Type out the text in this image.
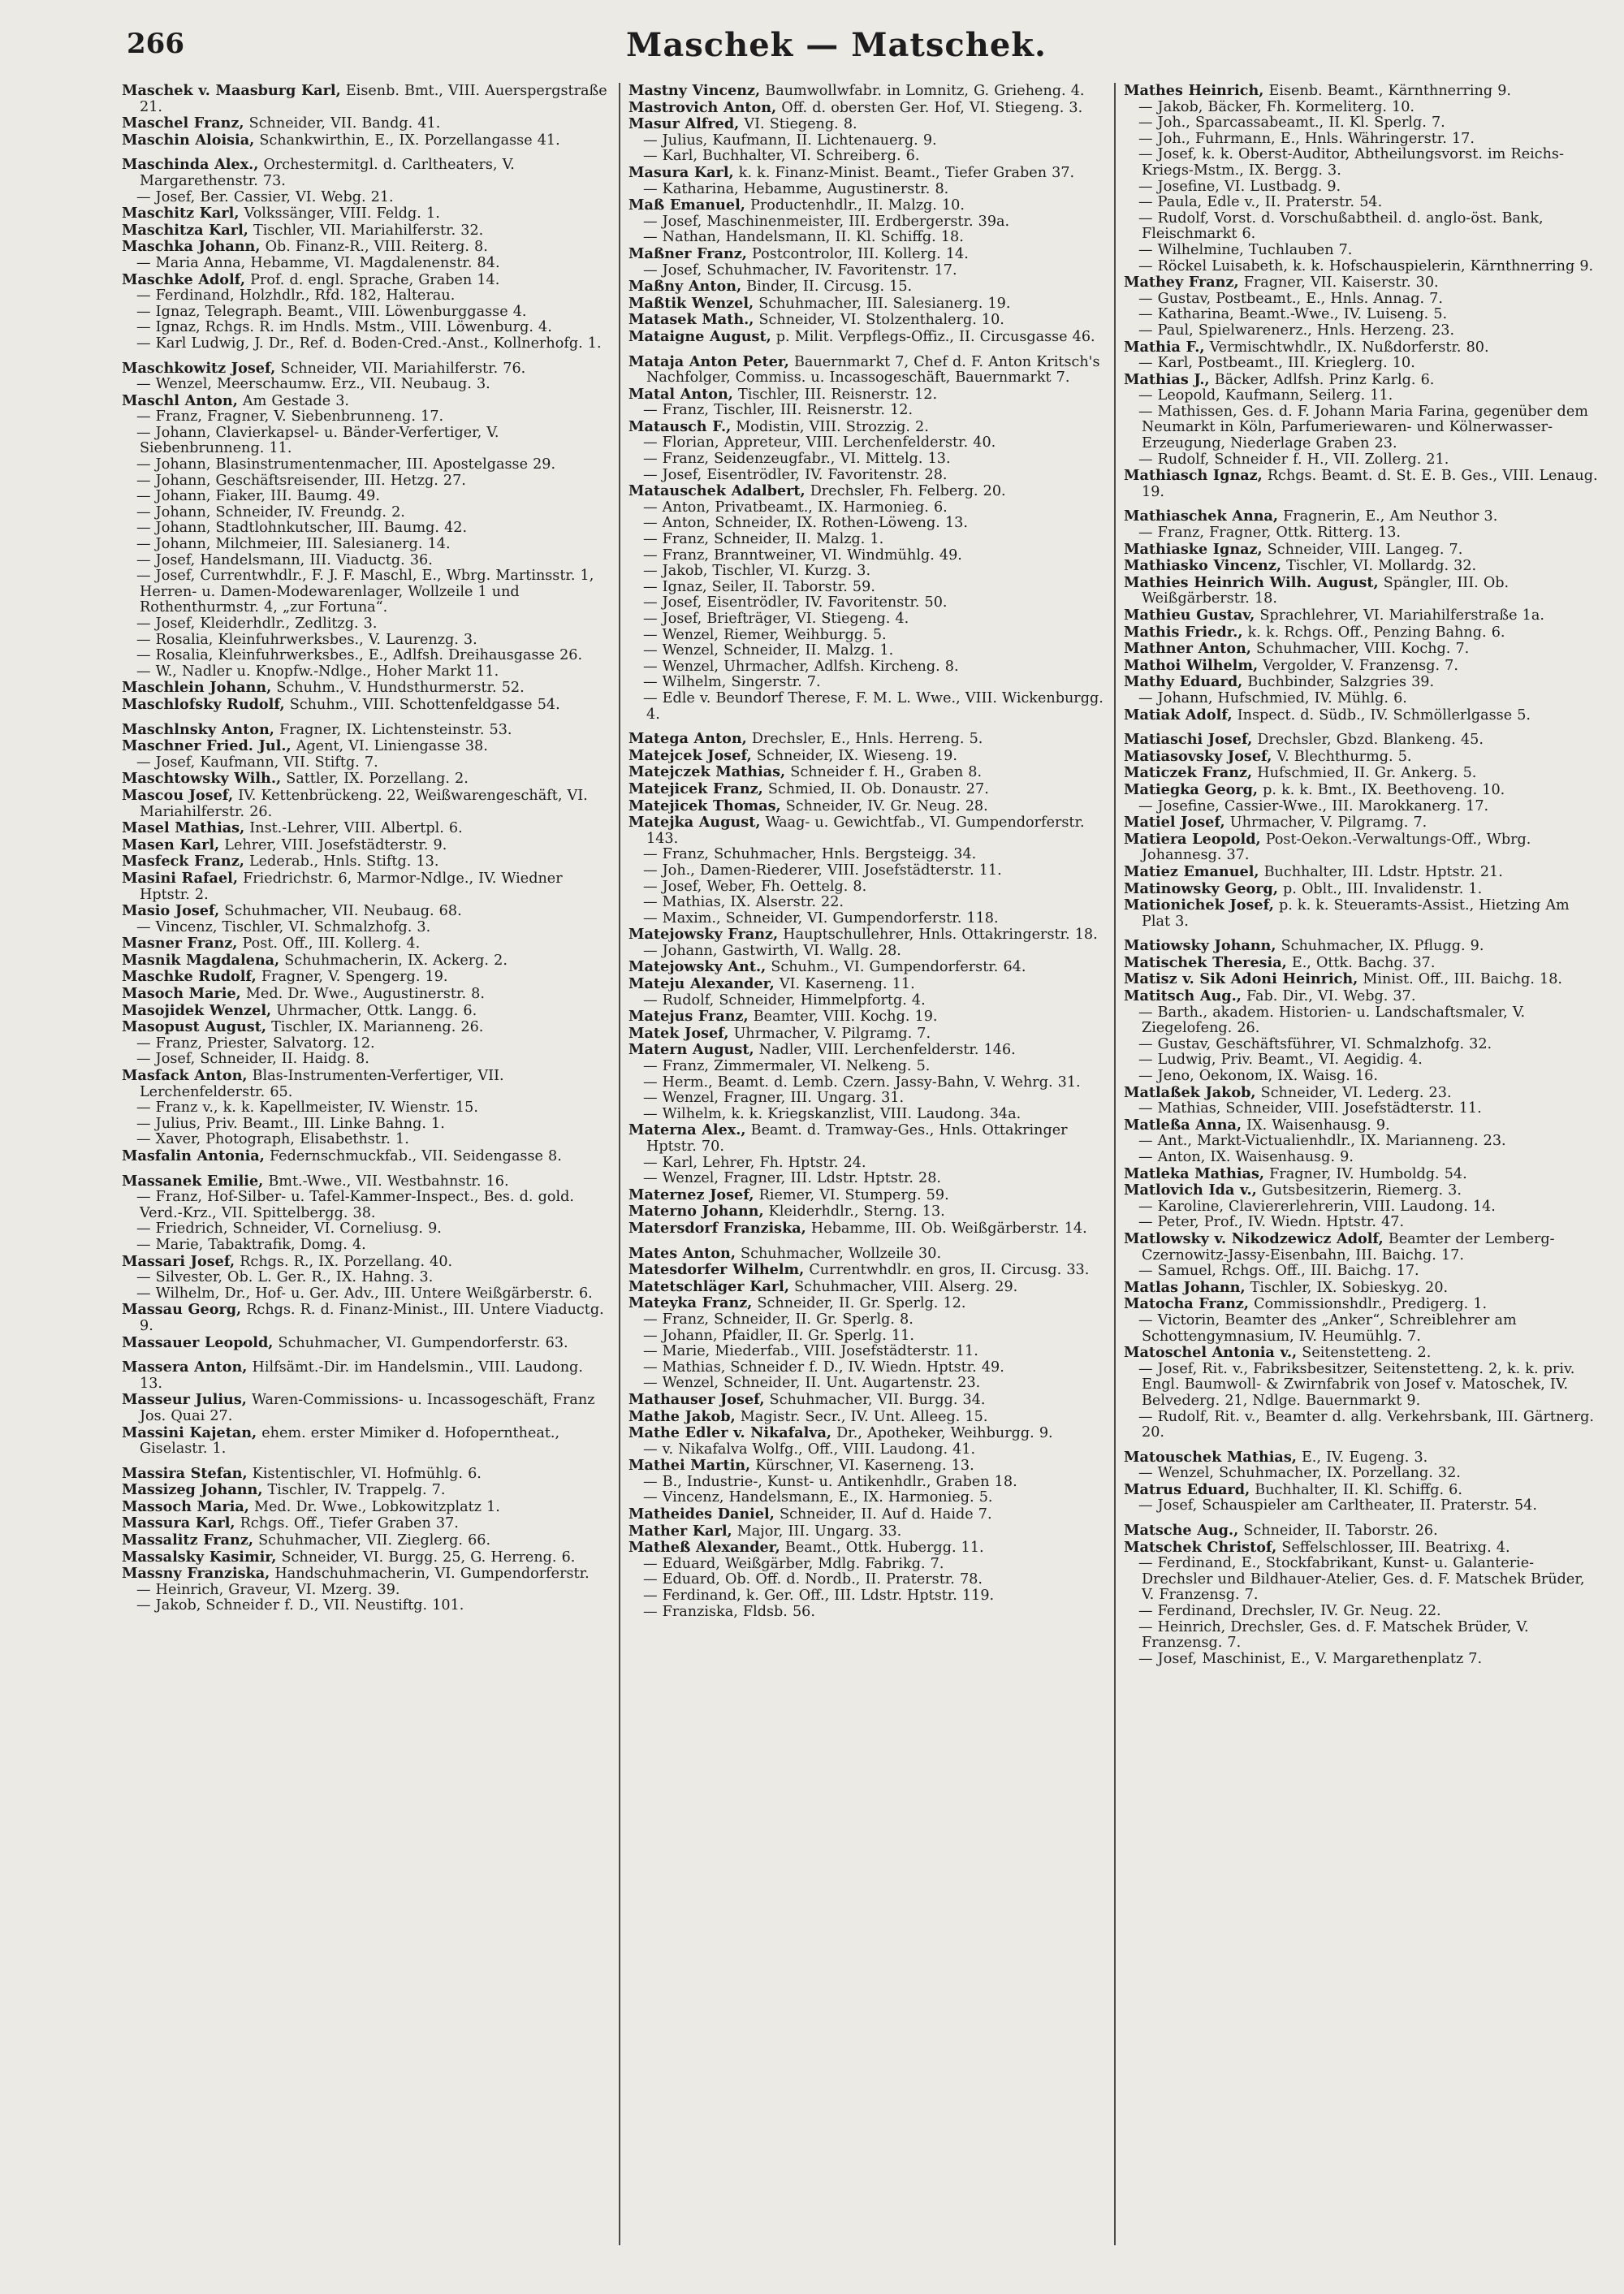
266	Maschek — Matschek.
Maschek v. Maasburg Karl, Eisenb. Bmt., VIII. Auerspergstraße 21.
Maschel Franz, Schneider, VII. Bandg. 41.
Maschin Aloisia, Schankwirthin, E., IX. Porzellangasse 41.
Maschinda Alex., Orchestermitgl. d. Carltheaters, V. Margarethenstr. 73.
— Josef, Ber. Cassier, VI. Webg. 21.
Maschitz Karl, Volkssänger, VIII. Feldg. 1.
Maschitza Karl, Tischler, VII. Mariahilferstr. 32.
Maschka Johann, Ob. Finanz-R., VIII. Reiterg. 8.
— Maria Anna, Hebamme, VI. Magdalenenstr. 84.
Maschke Adolf, Prof. d. engl. Sprache, Graben 14.
— Ferdinand, Holzhdlr., Rfd. 182, Halterau.
— Ignaz, Telegraph. Beamt., VIII. Löwenburggasse 4.
— Ignaz, Rchgs. R. im Hndls. Mstm., VIII. Löwenburg. 4.
— Karl Ludwig, J. Dr., Ref. d. Boden-Cred.-Anst., Kollnerhofg. 1.
Maschkowitz Josef, Schneider, VII. Mariahilferstr. 76.
— Wenzel, Meerschaumw. Erz., VII. Neubaug. 3.
Maschl Anton, Am Gestade 3.
— Franz, Fragner, V. Siebenbrunneng. 17.
— Johann, Clavierkapsel- u. Bänder-Verfertiger, V. Siebenbrunneng. 11.
— Johann, Blasinstrumentenmacher, III. Apostelgasse 29.
— Johann, Geschäftsreisender, III. Hetzg. 27.
— Johann, Fiaker, III. Baumg. 49.
— Johann, Schneider, IV. Freundg. 2.
— Johann, Stadtlohnkutscher, III. Baumg. 42.
— Johann, Milchmeier, III. Salesianerg. 14.
— Josef, Handelsmann, III. Viaductg. 36.
— Josef, Currentwhdlr., F. J. F. Maschl, E., Wbrg. Martinsstr. 1, Herren- u. Damen-Modewarenlager, Wollzeile 1 und Rothenthurmstr. 4, „zur Fortuna“.
— Josef, Kleiderhdlr., Zedlitzg. 3.
— Rosalia, Kleinfuhrwerksbes., V. Laurenzg. 3.
— Rosalia, Kleinfuhrwerksbes., E., Adlfsh. Dreihausgasse 26.
— W., Nadler u. Knopfw.-Ndlge., Hoher Markt 11.
Maschlein Johann, Schuhm., V. Hundsthurmerstr. 52.
Maschlofsky Rudolf, Schuhm., VIII. Schottenfeldgasse 54.
Maschlnsky Anton, Fragner, IX. Lichtensteinstr. 53.
Maschner Fried. Jul., Agent, VI. Liniengasse 38.
— Josef, Kaufmann, VII. Stiftg. 7.
Maschtowsky Wilh., Sattler, IX. Porzellang. 2.
Mascou Josef, IV. Kettenbrückeng. 22, Weißwarengeschäft, VI. Mariahilferstr. 26.
Masel Mathias, Inst.-Lehrer, VIII. Albertpl. 6.
Masen Karl, Lehrer, VIII. Josefstädterstr. 9.
Masfeck Franz, Lederab., Hnls. Stiftg. 13.
Masini Rafael, Friedrichstr. 6, Marmor-Ndlge., IV. Wiedner Hptstr. 2.
Masio Josef, Schuhmacher, VII. Neubaug. 68.
— Vincenz, Tischler, VI. Schmalzhofg. 3.
Masner Franz, Post. Off., III. Kollerg. 4.
Masnik Magdalena, Schuhmacherin, IX. Ackerg. 2.
Maschke Rudolf, Fragner, V. Spengerg. 19.
Masoch Marie, Med. Dr. Wwe., Augustinerstr. 8.
Masojidek Wenzel, Uhrmacher, Ottk. Langg. 6.
Masopust August, Tischler, IX. Marianneng. 26.
— Franz, Priester, Salvatorg. 12.
— Josef, Schneider, II. Haidg. 8.
Masfack Anton, Blas-Instrumenten-Verfertiger, VII. Lerchenfelderstr. 65.
— Franz v., k. k. Kapellmeister, IV. Wienstr. 15.
— Julius, Priv. Beamt., III. Linke Bahng. 1.
— Xaver, Photograph, Elisabethstr. 1.
Masfalin Antonia, Federnschmuckfab., VII. Seidengasse 8.
Massanek Emilie, Bmt.-Wwe., VII. Westbahnstr. 16.
— Franz, Hof-Silber- u. Tafel-Kammer-Inspect., Bes. d. gold. Verd.-Krz., VII. Spittelbergg. 38.
— Friedrich, Schneider, VI. Corneliusg. 9.
— Marie, Tabaktrafik, Domg. 4.
Massari Josef, Rchgs. R., IX. Porzellang. 40.
— Silvester, Ob. L. Ger. R., IX. Hahng. 3.
— Wilhelm, Dr., Hof- u. Ger. Adv., III. Untere Weißgärberstr. 6.
Massau Georg, Rchgs. R. d. Finanz-Minist., III. Untere Viaductg. 9.
Massauer Leopold, Schuhmacher, VI. Gumpendorferstr. 63.
Massera Anton, Hilfsämt.-Dir. im Handelsmin., VIII. Laudong. 13.
Masseur Julius, Waren-Commissions- u. Incassogeschäft, Franz Jos. Quai 27.
Massini Kajetan, ehem. erster Mimiker d. Hofoperntheat., Giselastr. 1.
Massira Stefan, Kistentischler, VI. Hofmühlg. 6.
Massizeg Johann, Tischler, IV. Trappelg. 7.
Massoch Maria, Med. Dr. Wwe., Lobkowitzplatz 1.
Massura Karl, Rchgs. Off., Tiefer Graben 37.
Massalitz Franz, Schuhmacher, VII. Zieglerg. 66.
Massalsky Kasimir, Schneider, VI. Burgg. 25, G. Herreng. 6.
Massny Franziska, Handschuhmacherin, VI. Gumpendorferstr.
— Heinrich, Graveur, VI. Mzerg. 39.
— Jakob, Schneider f. D., VII. Neustiftg. 101.
Mastny Vincenz, Baumwollwfabr. in Lomnitz, G. Grieheng. 4.
Mastrovich Anton, Off. d. obersten Ger. Hof, VI. Stiegeng. 3.
Masur Alfred, VI. Stiegeng. 8.
— Julius, Kaufmann, II. Lichtenauerg. 9.
— Karl, Buchhalter, VI. Schreiberg. 6.
Masura Karl, k. k. Finanz-Minist. Beamt., Tiefer Graben 37.
— Katharina, Hebamme, Augustinerstr. 8.
Maß Emanuel, Productenhdlr., II. Malzg. 10.
— Josef, Maschinenmeister, III. Erdbergerstr. 39a.
— Nathan, Handelsmann, II. Kl. Schiffg. 18.
Maßner Franz, Postcontrolor, III. Kollerg. 14.
— Josef, Schuhmacher, IV. Favoritenstr. 17.
Maßny Anton, Binder, II. Circusg. 15.
Maßtik Wenzel, Schuhmacher, III. Salesianerg. 19.
Matasek Math., Schneider, VI. Stolzenthalerg. 10.
Mataigne August, p. Milit. Verpflegs-Offiz., II. Circusgasse 46.
Mataja Anton Peter, Bauernmarkt 7, Chef d. F. Anton Kritsch's Nachfolger, Commiss. u. Incassogeschäft, Bauernmarkt 7.
Matal Anton, Tischler, III. Reisnerstr. 12.
— Franz, Tischler, III. Reisnerstr. 12.
Matausch F., Modistin, VIII. Strozzig. 2.
— Florian, Appreteur, VIII. Lerchenfelderstr. 40.
— Franz, Seidenzeugfabr., VI. Mittelg. 13.
— Josef, Eisentrödler, IV. Favoritenstr. 28.
Matauschek Adalbert, Drechsler, Fh. Felberg. 20.
— Anton, Privatbeamt., IX. Harmonieg. 6.
— Anton, Schneider, IX. Rothen-Löweng. 13.
— Franz, Schneider, II. Malzg. 1.
— Franz, Branntweiner, VI. Windmühlg. 49.
— Jakob, Tischler, VI. Kurzg. 3.
— Ignaz, Seiler, II. Taborstr. 59.
— Josef, Eisentrödler, IV. Favoritenstr. 50.
— Josef, Briefträger, VI. Stiegeng. 4.
— Wenzel, Riemer, Weihburgg. 5.
— Wenzel, Schneider, II. Malzg. 1.
— Wenzel, Uhrmacher, Adlfsh. Kircheng. 8.
— Wilhelm, Singerstr. 7.
— Edle v. Beundorf Therese, F. M. L. Wwe., VIII. Wickenburgg. 4.
Matega Anton, Drechsler, E., Hnls. Herreng. 5.
Matejcek Josef, Schneider, IX. Wieseng. 19.
Matejczek Mathias, Schneider f. H., Graben 8.
Matejicek Franz, Schmied, II. Ob. Donaustr. 27.
Matejicek Thomas, Schneider, IV. Gr. Neug. 28.
Matejka August, Waag- u. Gewichtfab., VI. Gumpendorferstr. 143.
— Franz, Schuhmacher, Hnls. Bergsteigg. 34.
— Joh., Damen-Riederer, VIII. Josefstädterstr. 11.
— Josef, Weber, Fh. Oettelg. 8.
— Mathias, IX. Alserstr. 22.
— Maxim., Schneider, VI. Gumpendorferstr. 118.
Matejowsky Franz, Hauptschullehrer, Hnls. Ottakringerstr. 18.
— Johann, Gastwirth, VI. Wallg. 28.
Matejowsky Ant., Schuhm., VI. Gumpendorferstr. 64.
Mateju Alexander, VI. Kaserneng. 11.
— Rudolf, Schneider, Himmelpfortg. 4.
Matejus Franz, Beamter, VIII. Kochg. 19.
Matek Josef, Uhrmacher, V. Pilgramg. 7.
Matern August, Nadler, VIII. Lerchenfelderstr. 146.
— Franz, Zimmermaler, VI. Nelkeng. 5.
— Herm., Beamt. d. Lemb. Czern. Jassy-Bahn, V. Wehrg. 31.
— Wenzel, Fragner, III. Ungarg. 31.
— Wilhelm, k. k. Kriegskanzlist, VIII. Laudong. 34a.
Materna Alex., Beamt. d. Tramway-Ges., Hnls. Ottakringer Hptstr. 70.
— Karl, Lehrer, Fh. Hptstr. 24.
— Wenzel, Fragner, III. Ldstr. Hptstr. 28.
Maternez Josef, Riemer, VI. Stumperg. 59.
Materno Johann, Kleiderhdlr., Sterng. 13.
Matersdorf Franziska, Hebamme, III. Ob. Weißgärberstr. 14.
Mates Anton, Schuhmacher, Wollzeile 30.
Matesdorfer Wilhelm, Currentwhdlr. en gros, II. Circusg. 33.
Matetschläger Karl, Schuhmacher, VIII. Alserg. 29.
Mateyka Franz, Schneider, II. Gr. Sperlg. 12.
— Franz, Schneider, II. Gr. Sperlg. 8.
— Johann, Pfaidler, II. Gr. Sperlg. 11.
— Marie, Miederfab., VIII. Josefstädterstr. 11.
— Mathias, Schneider f. D., IV. Wiedn. Hptstr. 49.
— Wenzel, Schneider, II. Unt. Augartenstr. 23.
Mathauser Josef, Schuhmacher, VII. Burgg. 34.
Mathe Jakob, Magistr. Secr., IV. Unt. Alleeg. 15.
Mathe Edler v. Nikafalva, Dr., Apotheker, Weihburgg. 9.
— v. Nikafalva Wolfg., Off., VIII. Laudong. 41.
Mathei Martin, Kürschner, VI. Kaserneng. 13.
— B., Industrie-, Kunst- u. Antikenhdlr., Graben 18.
— Vincenz, Handelsmann, E., IX. Harmonieg. 5.
Matheides Daniel, Schneider, II. Auf d. Haide 7.
Mather Karl, Major, III. Ungarg. 33.
Matheß Alexander, Beamt., Ottk. Hubergg. 11.
— Eduard, Weißgärber, Mdlg. Fabrikg. 7.
— Eduard, Ob. Off. d. Nordb., II. Praterstr. 78.
— Ferdinand, k. Ger. Off., III. Ldstr. Hptstr. 119.
— Franziska, Fldsb. 56.
Mathes Heinrich, Eisenb. Beamt., Kärnthnerring 9.
— Jakob, Bäcker, Fh. Kormeliterg. 10.
— Joh., Sparcassabeamt., II. Kl. Sperlg. 7.
— Joh., Fuhrmann, E., Hnls. Währingerstr. 17.
— Josef, k. k. Oberst-Auditor, Abtheilungsvorst. im Reichs-Kriegs-Mstm., IX. Bergg. 3.
— Josefine, VI. Lustbadg. 9.
— Paula, Edle v., II. Praterstr. 54.
— Rudolf, Vorst. d. Vorschußabtheil. d. anglo-öst. Bank, Fleischmarkt 6.
— Wilhelmine, Tuchlauben 7.
— Röckel Luisabeth, k. k. Hofschauspielerin, Kärnthnerring 9.
Mathey Franz, Fragner, VII. Kaiserstr. 30.
— Gustav, Postbeamt., E., Hnls. Annag. 7.
— Katharina, Beamt.-Wwe., IV. Luiseng. 5.
— Paul, Spielwarenerz., Hnls. Herzeng. 23.
Mathia F., Vermischtwhdlr., IX. Nußdorferstr. 80.
— Karl, Postbeamt., III. Krieglerg. 10.
Mathias J., Bäcker, Adlfsh. Prinz Karlg. 6.
— Leopold, Kaufmann, Seilerg. 11.
— Mathissen, Ges. d. F. Johann Maria Farina, gegenüber dem Neumarkt in Köln, Parfumeriewaren- und Kölnerwasser-Erzeugung, Niederlage Graben 23.
— Rudolf, Schneider f. H., VII. Zollerg. 21.
Mathiasch Ignaz, Rchgs. Beamt. d. St. E. B. Ges., VIII. Lenaug. 19.
Mathiaschek Anna, Fragnerin, E., Am Neuthor 3.
— Franz, Fragner, Ottk. Ritterg. 13.
Mathiaske Ignaz, Schneider, VIII. Langeg. 7.
Mathiasko Vincenz, Tischler, VI. Mollardg. 32.
Mathies Heinrich Wilh. August, Spängler, III. Ob. Weißgärberstr. 18.
Mathieu Gustav, Sprachlehrer, VI. Mariahilferstraße 1a.
Mathis Friedr., k. k. Rchgs. Off., Penzing Bahng. 6.
Mathner Anton, Schuhmacher, VIII. Kochg. 7.
Mathoi Wilhelm, Vergolder, V. Franzensg. 7.
Mathy Eduard, Buchbinder, Salzgries 39.
— Johann, Hufschmied, IV. Mühlg. 6.
Matiak Adolf, Inspect. d. Südb., IV. Schmöllerlgasse 5.
Matiaschi Josef, Drechsler, Gbzd. Blankeng. 45.
Matiasovsky Josef, V. Blechthurmg. 5.
Maticzek Franz, Hufschmied, II. Gr. Ankerg. 5.
Matiegka Georg, p. k. k. Bmt., IX. Beethoveng. 10.
— Josefine, Cassier-Wwe., III. Marokkanerg. 17.
Matiel Josef, Uhrmacher, V. Pilgramg. 7.
Matiera Leopold, Post-Oekon.-Verwaltungs-Off., Wbrg. Johannesg. 37.
Matiez Emanuel, Buchhalter, III. Ldstr. Hptstr. 21.
Matinowsky Georg, p. Oblt., III. Invalidenstr. 1.
Mationichek Josef, p. k. k. Steueramts-Assist., Hietzing Am Plat 3.
Matiowsky Johann, Schuhmacher, IX. Pflugg. 9.
Matischek Theresia, E., Ottk. Bachg. 37.
Matisz v. Sik Adoni Heinrich, Minist. Off., III. Baichg. 18.
Matitsch Aug., Fab. Dir., VI. Webg. 37.
— Barth., akadem. Historien- u. Landschaftsmaler, V. Ziegelofeng. 26.
— Gustav, Geschäftsführer, VI. Schmalzhofg. 32.
— Ludwig, Priv. Beamt., VI. Aegidig. 4.
— Jeno, Oekonom, IX. Waisg. 16.
Matlaßek Jakob, Schneider, VI. Lederg. 23.
— Mathias, Schneider, VIII. Josefstädterstr. 11.
Matleßa Anna, IX. Waisenhausg. 9.
— Ant., Markt-Victualienhdlr., IX. Marianneng. 23.
— Anton, IX. Waisenhausg. 9.
Matleka Mathias, Fragner, IV. Humboldg. 54.
Matlovich Ida v., Gutsbesitzerin, Riemerg. 3.
— Karoline, Claviererlehrerin, VIII. Laudong. 14.
— Peter, Prof., IV. Wiedn. Hptstr. 47.
Matlowsky v. Nikodzewicz Adolf, Beamter der Lemberg-Czernowitz-Jassy-Eisenbahn, III. Baichg. 17.
— Samuel, Rchgs. Off., III. Baichg. 17.
Matlas Johann, Tischler, IX. Sobieskyg. 20.
Matocha Franz, Commissionshdlr., Predigerg. 1.
— Victorin, Beamter des „Anker“, Schreiblehrer am Schottengymnasium, IV. Heumühlg. 7.
Matoschel Antonia v., Seitenstetteng. 2.
— Josef, Rit. v., Fabriksbesitzer, Seitenstetteng. 2, k. k. priv. Engl. Baumwoll- & Zwirnfabrik von Josef v. Matoschek, IV. Belvederg. 21, Ndlge. Bauernmarkt 9.
— Rudolf, Rit. v., Beamter d. allg. Verkehrsbank, III. Gärtnerg. 20.
Matouschek Mathias, E., IV. Eugeng. 3.
— Wenzel, Schuhmacher, IX. Porzellang. 32.
Matrus Eduard, Buchhalter, II. Kl. Schiffg. 6.
— Josef, Schauspieler am Carltheater, II. Praterstr. 54.
Matsche Aug., Schneider, II. Taborstr. 26.
Matschek Christof, Seffelschlosser, III. Beatrixg. 4.
— Ferdinand, E., Stockfabrikant, Kunst- u. Galanterie-Drechsler und Bildhauer-Atelier, Ges. d. F. Matschek Brüder, V. Franzensg. 7.
— Ferdinand, Drechsler, IV. Gr. Neug. 22.
— Heinrich, Drechsler, Ges. d. F. Matschek Brüder, V. Franzensg. 7.
— Josef, Maschinist, E., V. Margarethenplatz 7.
